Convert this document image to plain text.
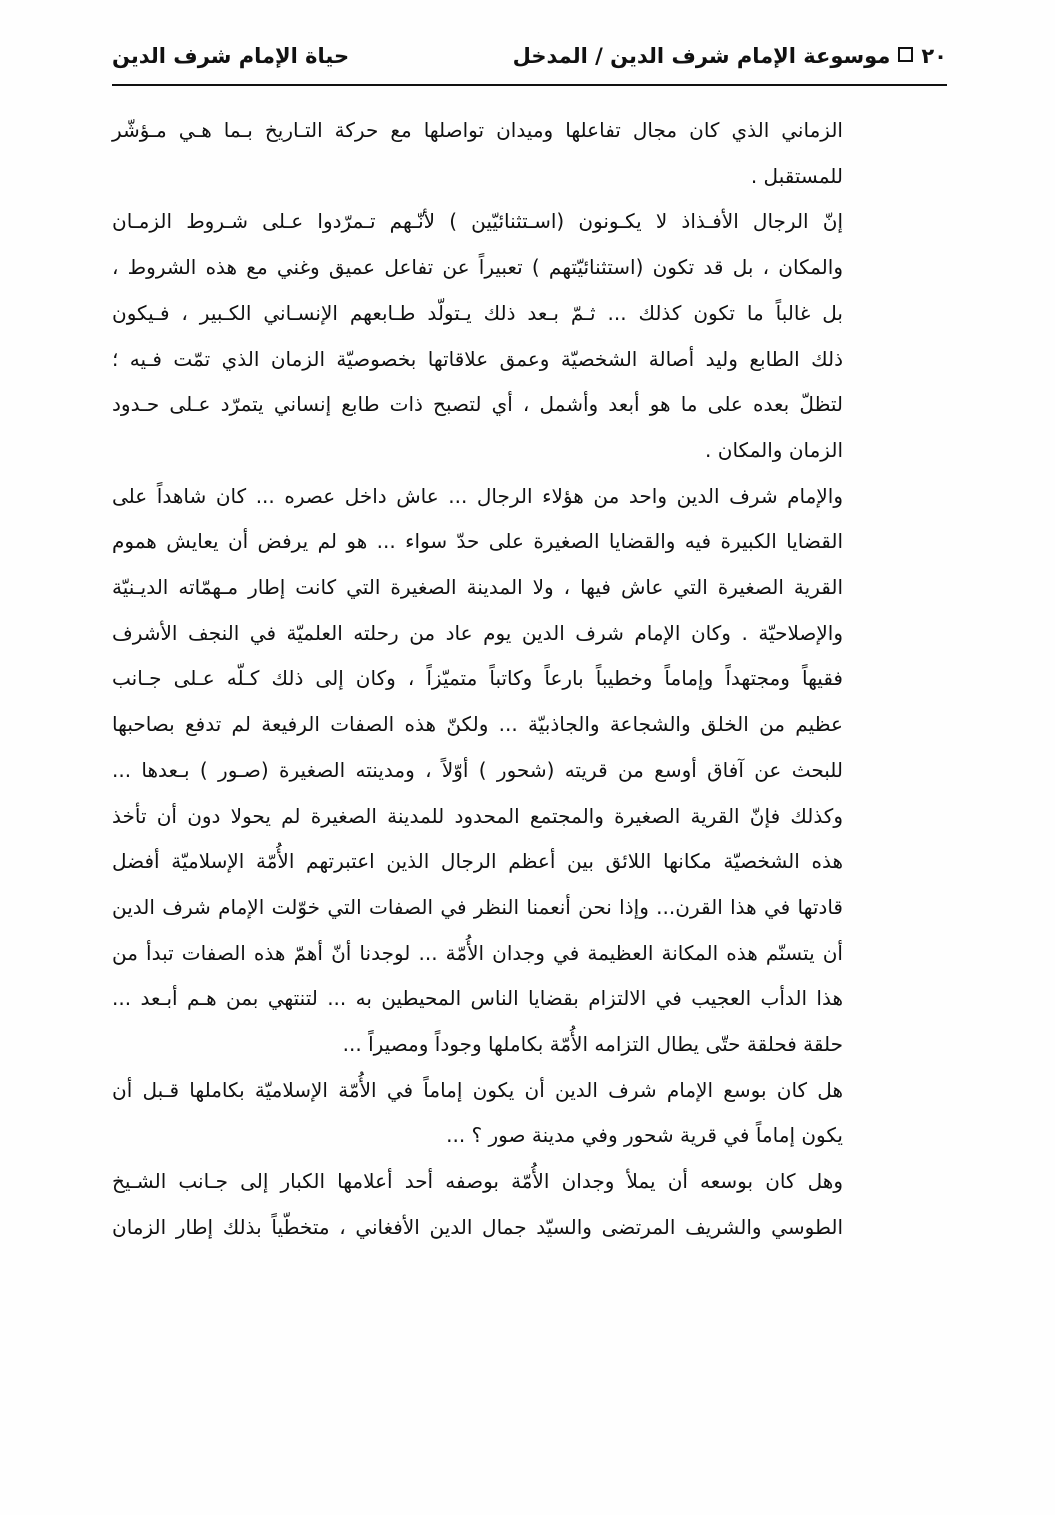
٢٠موسوعة الإمام شرف الدين / المدخل
حياة الإمام شرف الدين
الزماني الذي كان مجال تفاعلها وميدان تواصلها مع حركة التـاريخ بـما هـي مـؤشّر
للمستقبل .
إنّ الرجال الأفـذاذ لا يكـونون (اسـتثنائيّين ) لأنّـهم تـمرّدوا عـلى شـروط الزمـان
والمكان ، بل قد تكون (استثنائيّتهم ) تعبيراً عن تفاعل عميق وغني مع هذه الشروط ،
بل غالباً ما تكون كذلك ... ثـمّ بـعد ذلك يـتولّد طـابعهم الإنسـاني الكـبير ، فـيكون
ذلك الطابع وليد أصالة الشخصيّة وعمق علاقاتها بخصوصيّة الزمان الذي تمّت فـيه ؛
لتظلّ بعده على ما هو أبعد وأشمل ، أي لتصبح ذات طابع إنساني يتمرّد عـلى حـدود
الزمان والمكان .
والإمام شرف الدين واحد من هؤلاء الرجال ... عاش داخل عصره ... كان شاهداً على
القضايا الكبيرة فيه والقضايا الصغيرة على حدّ سواء ... هو لم يرفض أن يعايش هموم
القرية الصغيرة التي عاش فيها ، ولا المدينة الصغيرة التي كانت إطار مـهمّاته الديـنيّة
والإصلاحيّة . وكان الإمام شرف الدين يوم عاد من رحلته العلميّة في النجف الأشرف
فقيهاً ومجتهداً وإماماً وخطيباً بارعاً وكاتباً متميّزاً ، وكان إلى ذلك كـلّه عـلى جـانب
عظيم من الخلق والشجاعة والجاذبيّة ... ولكنّ هذه الصفات الرفيعة لم تدفع بصاحبها
للبحث عن آفاق أوسع من قريته (شحور ) أوّلاً ، ومدينته الصغيرة (صـور ) بـعدها ...
وكذلك فإنّ القرية الصغيرة والمجتمع المحدود للمدينة الصغيرة لم يحولا دون أن تأخذ
هذه الشخصيّة مكانها اللائق بين أعظم الرجال الذين اعتبرتهم الأُمّة الإسلاميّة أفضل
قادتها في هذا القرن... وإذا نحن أنعمنا النظر في الصفات التي خوّلت الإمام شرف الدين
أن يتسنّم هذه المكانة العظيمة في وجدان الأُمّة ... لوجدنا أنّ أهمّ هذه الصفات تبدأ من
هذا الدأب العجيب في الالتزام بقضايا الناس المحيطين به ... لتنتهي بمن هـم أبـعد ...
حلقة فحلقة حتّى يطال التزامه الأُمّة بكاملها وجوداً ومصيراً ...
هل كان بوسع الإمام شرف الدين أن يكون إماماً في الأُمّة الإسلاميّة بكاملها قـبل أن
يكون إماماً في قرية شحور وفي مدينة صور ؟ ...
وهل كان بوسعه أن يملأ وجدان الأُمّة بوصفه أحد أعلامها الكبار إلى جـانب الشـيخ
الطوسي والشريف المرتضى والسيّد جمال الدين الأفغاني ، متخطّياً بذلك إطار الزمان
